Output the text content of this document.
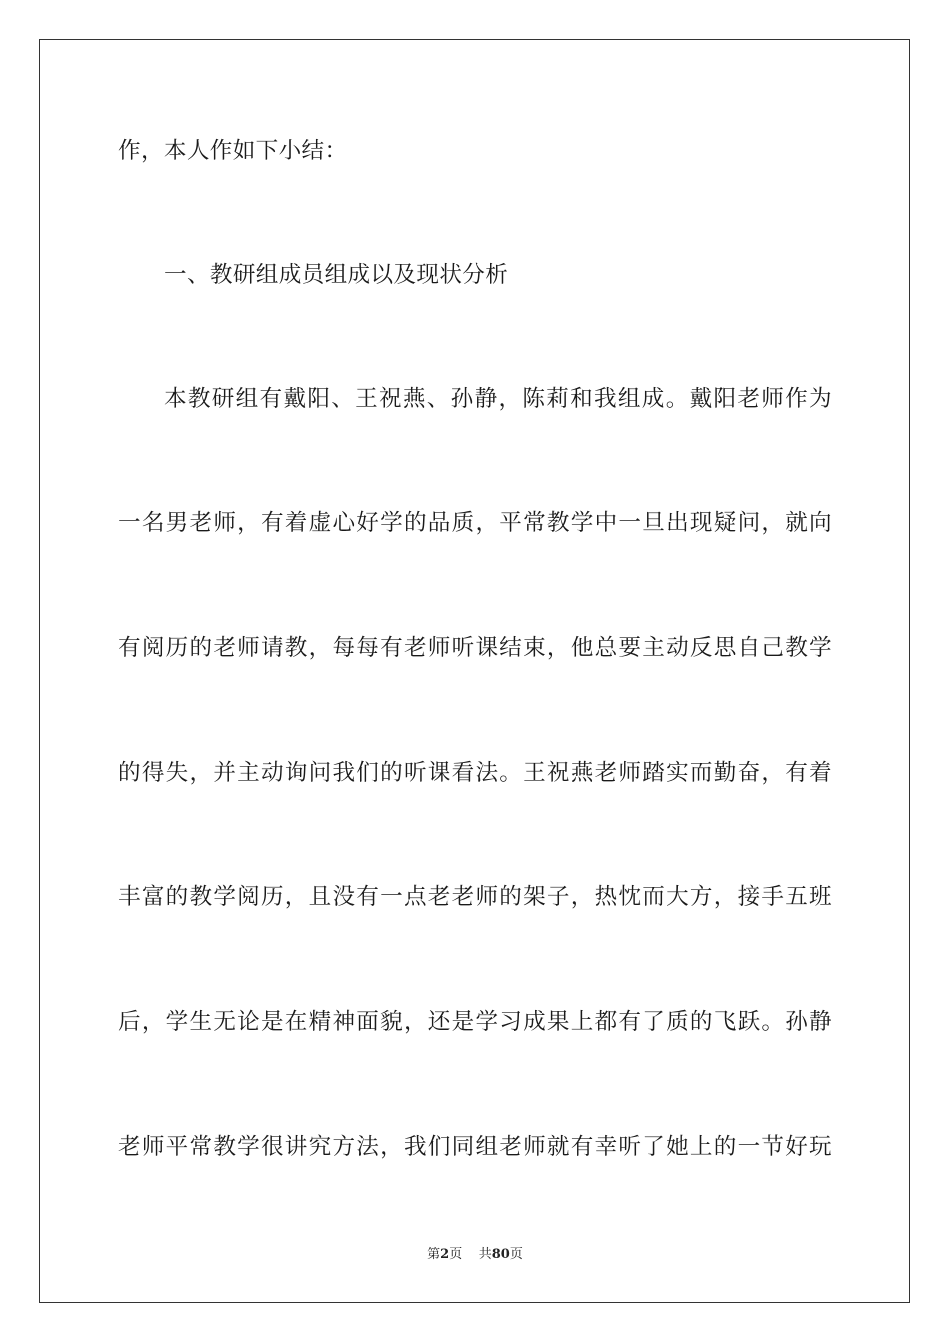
作，本人作如下小结：
一、教研组成员组成以及现状分析
本教研组有戴阳、王祝燕、孙静，陈莉和我组成。戴阳老师作为
一名男老师，有着虚心好学的品质，平常教学中一旦出现疑问，就向
有阅历的老师请教，每每有老师听课结束，他总要主动反思自己教学
的得失，并主动询问我们的听课看法。王祝燕老师踏实而勤奋，有着
丰富的教学阅历，且没有一点老老师的架子，热忱而大方，接手五班
后，学生无论是在精神面貌，还是学习成果上都有了质的飞跃。孙静
老师平常教学很讲究方法，我们同组老师就有幸听了她上的一节好玩
第2页 共80页
